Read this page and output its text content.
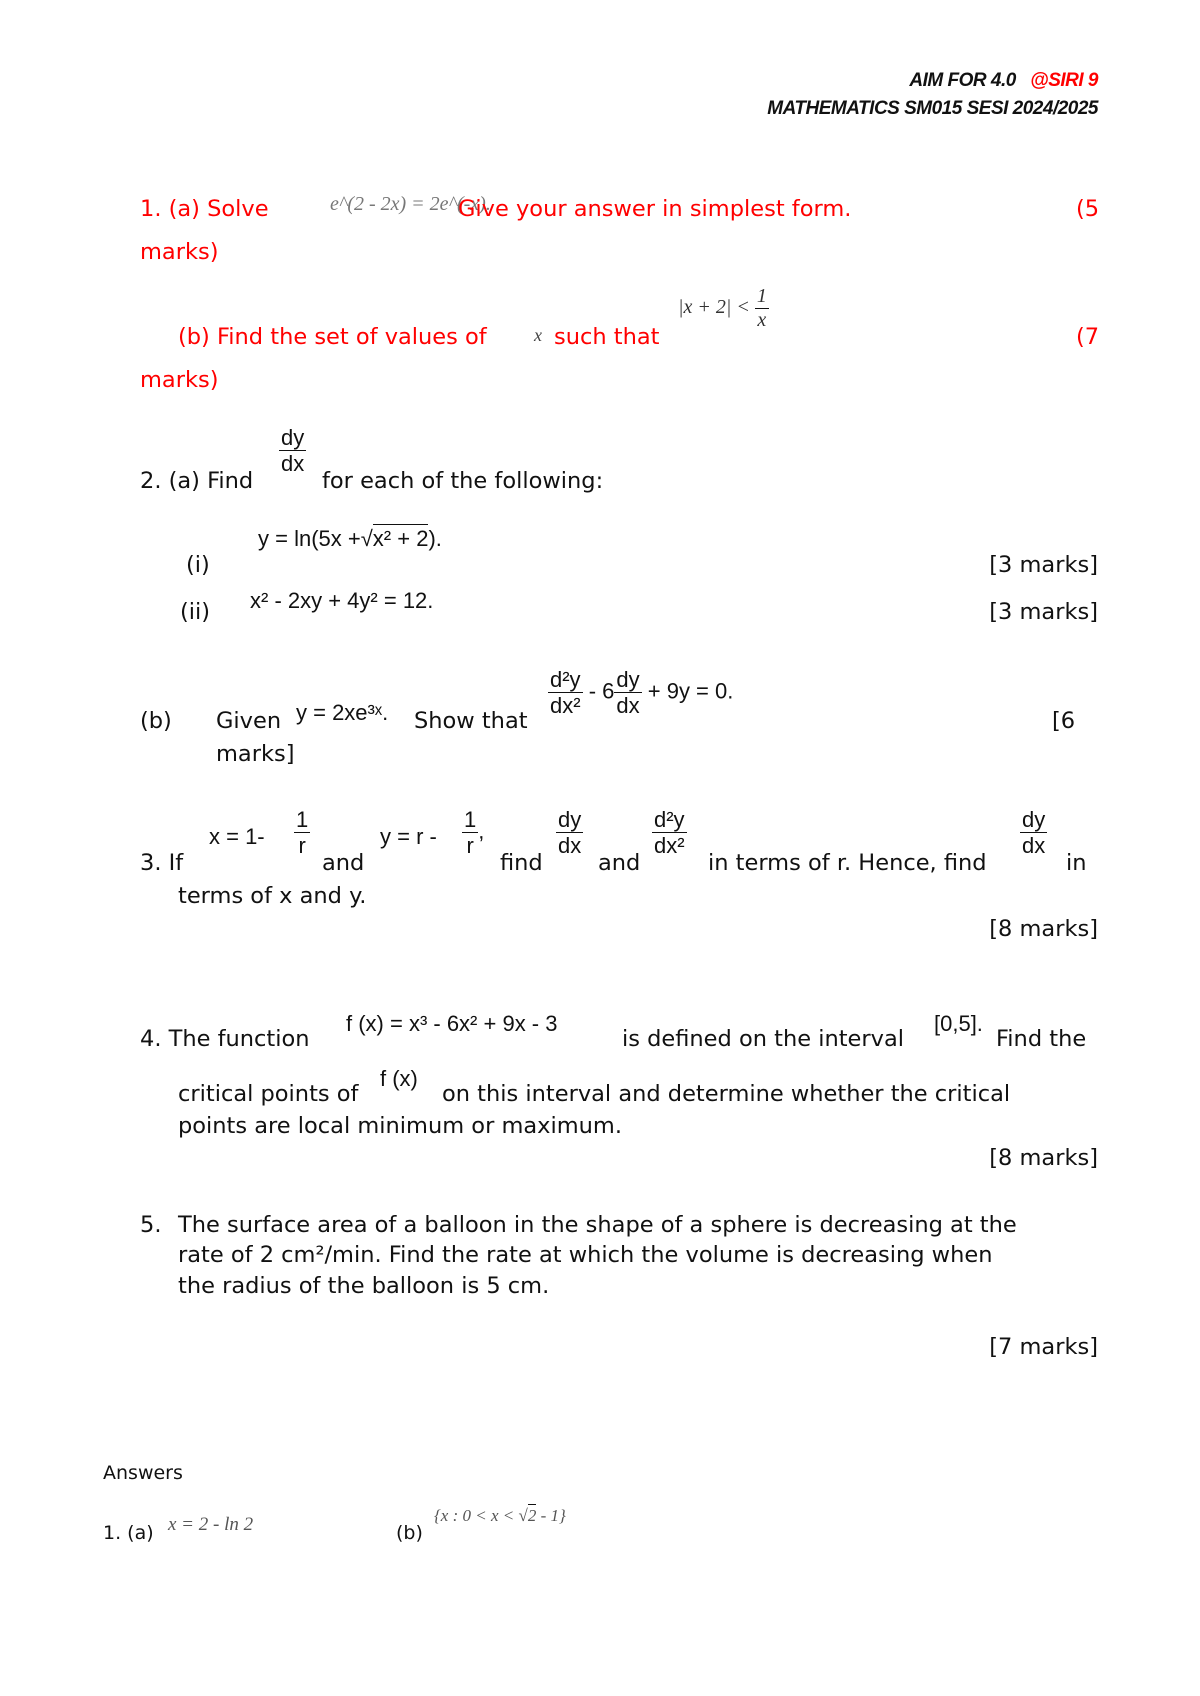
AIM FOR 4.0 @SIRI 9
MATHEMATICS SM015 SESI 2024/2025
1. (a) Solve	e^(2 - 2x) = 2e^(-x).
Give your answer in simplest form.	(5
marks)
(b) Find the set of values of	x such that
$|x + 2| < \frac{1}{x}$
(7
marks)
2. (a) Find
$\frac{dy}{dx}$
for each of the following:
(i)
y = ln(5x +√x² + 2).
[3 marks]
(ii) x² - 2xy + 4y² = 12.	[3 marks]
(b) Given y = 2xe³ˣ. Show that
$\frac{\text{d²y}}{\text{dx²}} - 6 \frac{dy}{dx} + 9y = 0$.
[6
marks]
3. If
$x = 1- \frac{1}{r}$
and
$y = r - \frac{1}{r}$ ,
find
$\frac{dy}{dx}$
and
$\frac{\text{d²y}}{\text{dx²}}$
in terms of r. Hence, find
$\frac{dy}{dx}$
in
terms of x and y.
[8 marks]
4. The function
f (x) = x³ - 6x² + 9x - 3
is defined on the interval
[0,5].
Find the
critical points of
f (x)
on this interval and determine whether the critical
points are local minimum or maximum.
[8 marks]
5. The surface area of a balloon in the shape of a sphere is decreasing at the
rate of 2 cm²/min. Find the rate at which the volume is decreasing when
the radius of the balloon is 5 cm.
[7 marks]
Answers
1. (a) x = 2 - ln 2	(b)
{x : 0 < x < √2 - 1}
